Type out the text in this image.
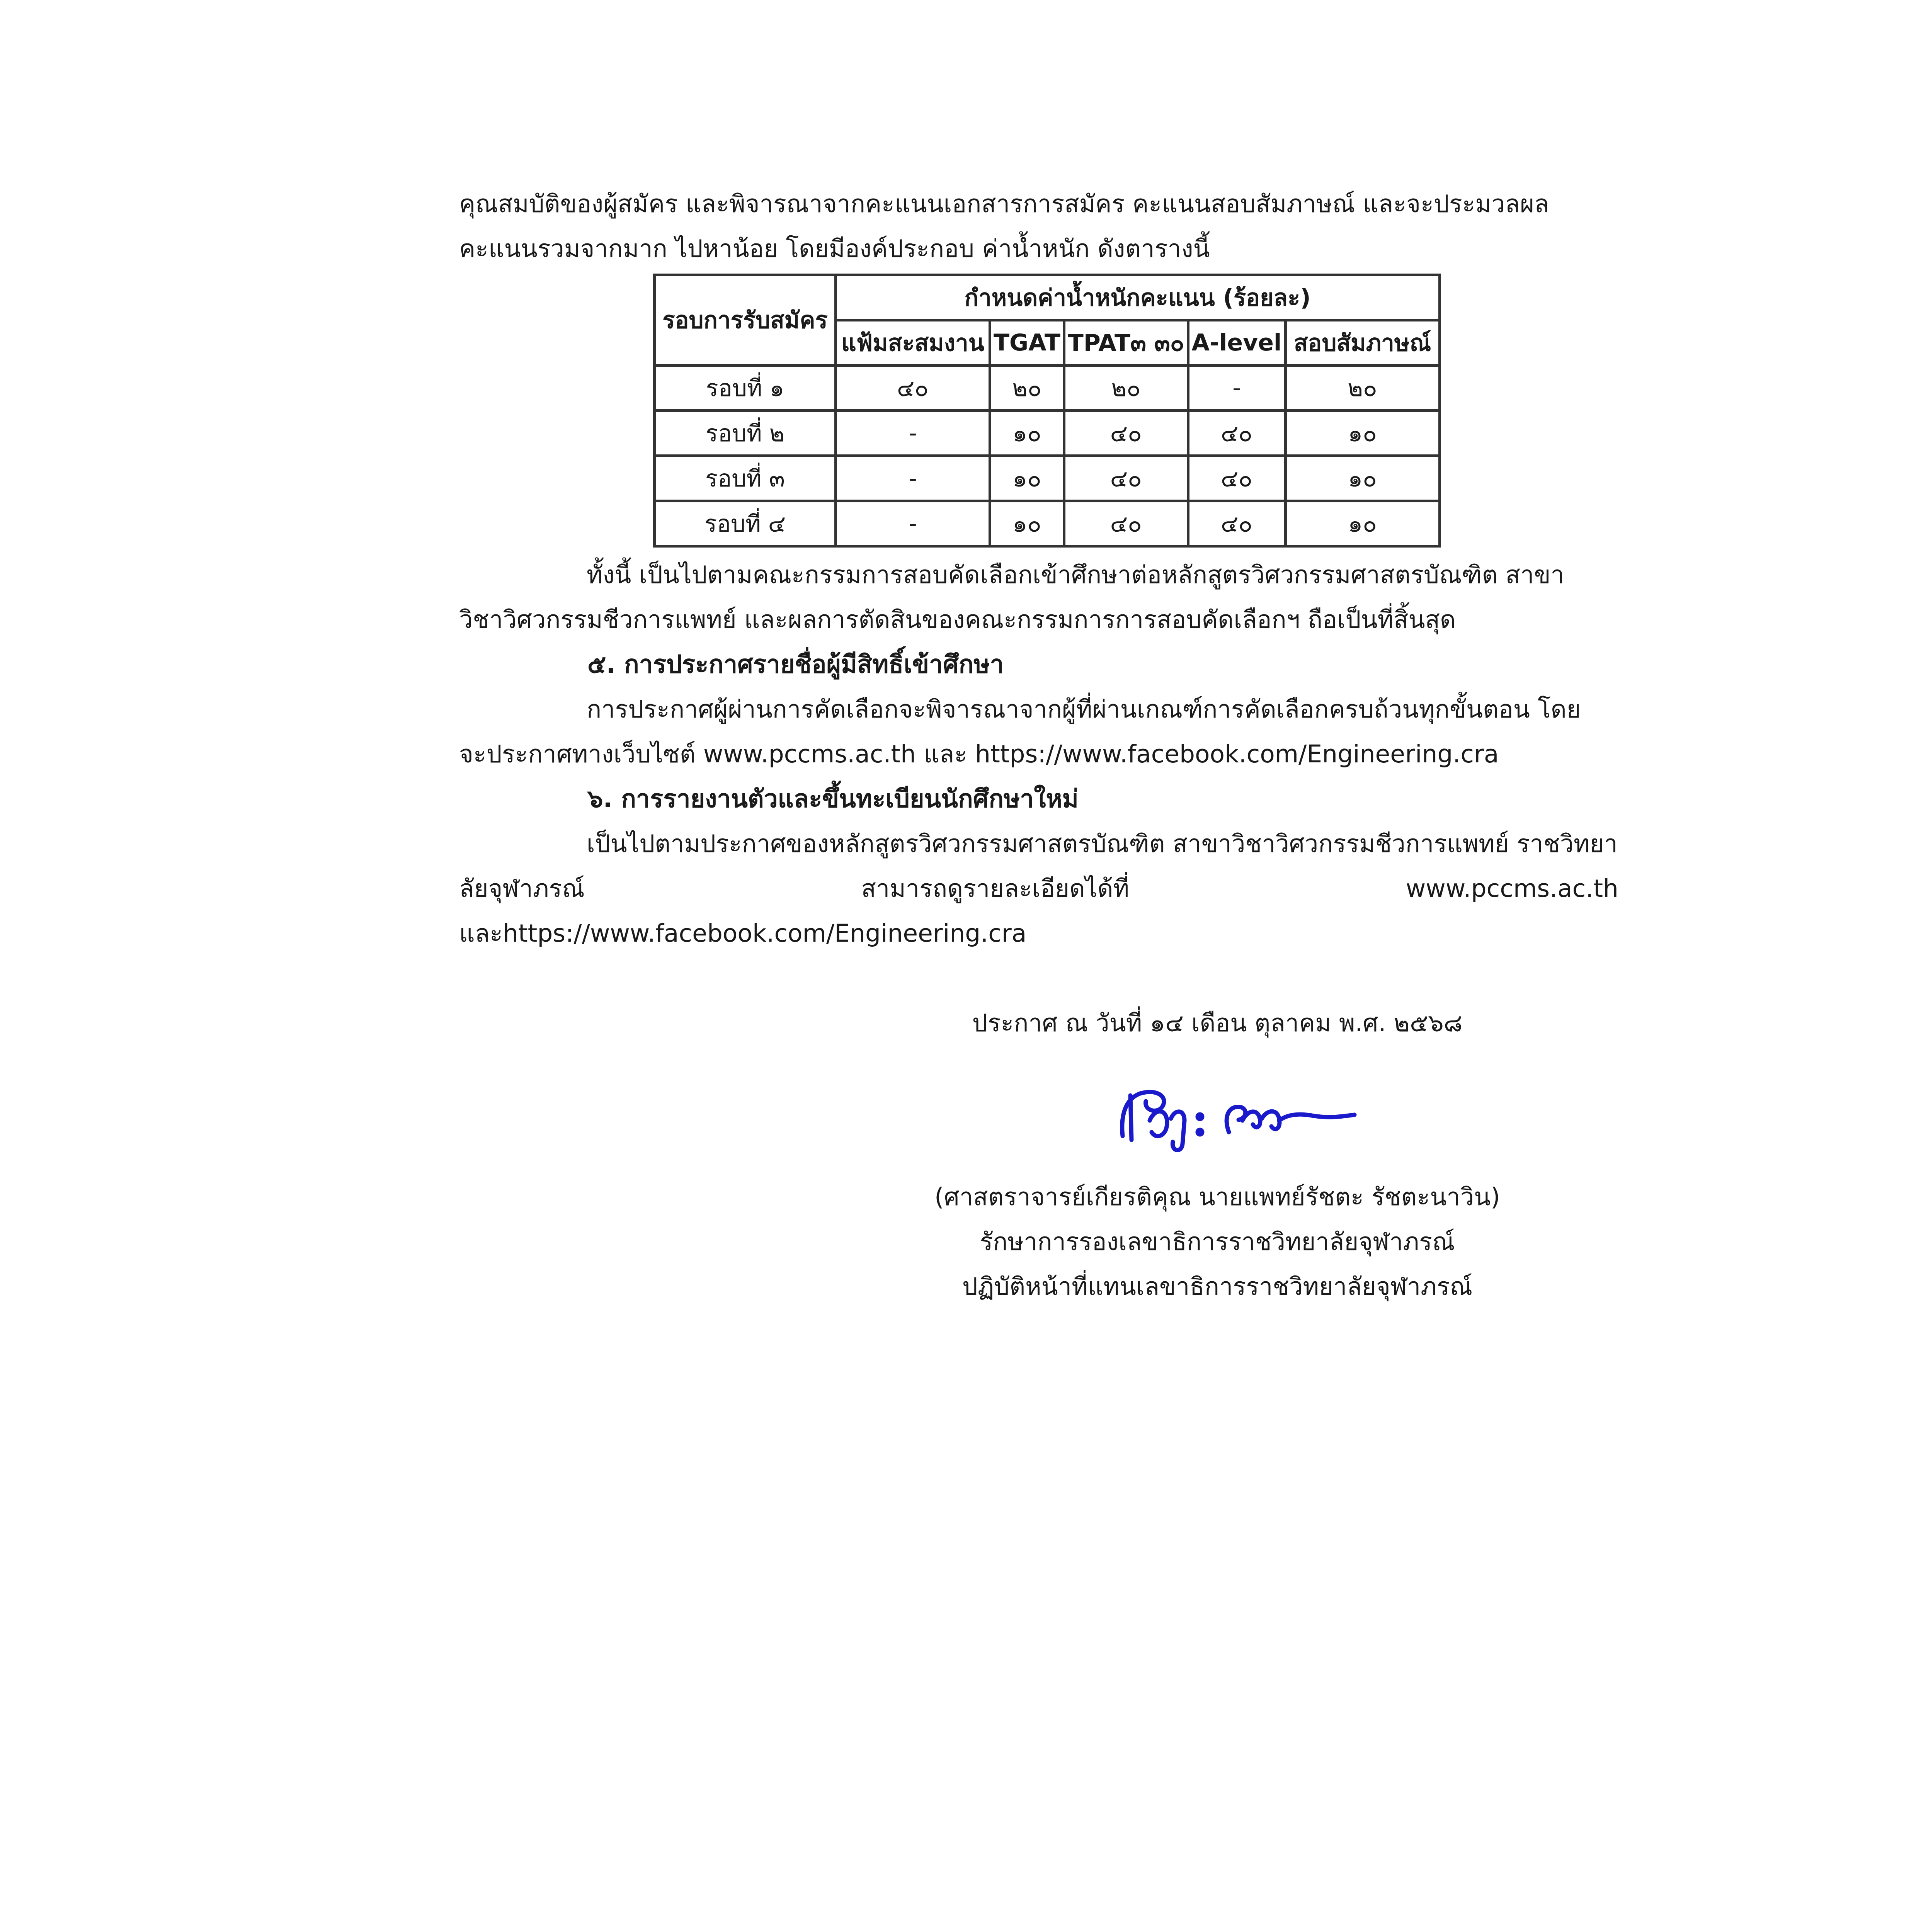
คุณสมบัติของผู้สมัคร และพิจารณาจากคะแนนเอกสารการสมัคร คะแนนสอบสัมภาษณ์ และจะประมวลผล

คะแนนรวมจากมาก ไปหาน้อย โดยมีองค์ประกอบ ค่าน้ำหนัก ดังตารางนี้

รอบการรับสมัคร	กำหนดค่าน้ำหนักคะแนน (ร้อยละ)				
	แฟ้มสะสมงาน	TGAT	TPAT๓ ๓๐	A-level	สอบสัมภาษณ์
รอบที่ ๑	๔๐	๒๐	๒๐	-	๒๐
รอบที่ ๒	-	๑๐	๔๐	๔๐	๑๐
รอบที่ ๓	-	๑๐	๔๐	๔๐	๑๐
รอบที่ ๔	-	๑๐	๔๐	๔๐	๑๐

ทั้งนี้ เป็นไปตามคณะกรรมการสอบคัดเลือกเข้าศึกษาต่อหลักสูตรวิศวกรรมศาสตรบัณฑิต สาขา

วิชาวิศวกรรมชีวการแพทย์ และผลการตัดสินของคณะกรรมการการสอบคัดเลือกฯ ถือเป็นที่สิ้นสุด

๕. การประกาศรายชื่อผู้มีสิทธิ์เข้าศึกษา

การประกาศผู้ผ่านการคัดเลือกจะพิจารณาจากผู้ที่ผ่านเกณฑ์การคัดเลือกครบถ้วนทุกขั้นตอน โดย

จะประกาศทางเว็บไซต์ www.pccms.ac.th และ https://www.facebook.com/Engineering.cra

๖. การรายงานตัวและขึ้นทะเบียนนักศึกษาใหม่

เป็นไปตามประกาศของหลักสูตรวิศวกรรมศาสตรบัณฑิต สาขาวิชาวิศวกรรมชีวการแพทย์ ราชวิทยา

ลัยจุฬาภรณ์	สามารถดูรายละเอียดได้ที่	www.pccms.ac.th

และhttps://www.facebook.com/Engineering.cra

ประกาศ ณ วันที่ ๑๔ เดือน ตุลาคม พ.ศ. ๒๕๖๘
(ศาสตราจารย์เกียรติคุณ นายแพทย์รัชตะ รัชตะนาวิน)
รักษาการรองเลขาธิการราชวิทยาลัยจุฬาภรณ์
ปฏิบัติหน้าที่แทนเลขาธิการราชวิทยาลัยจุฬาภรณ์
